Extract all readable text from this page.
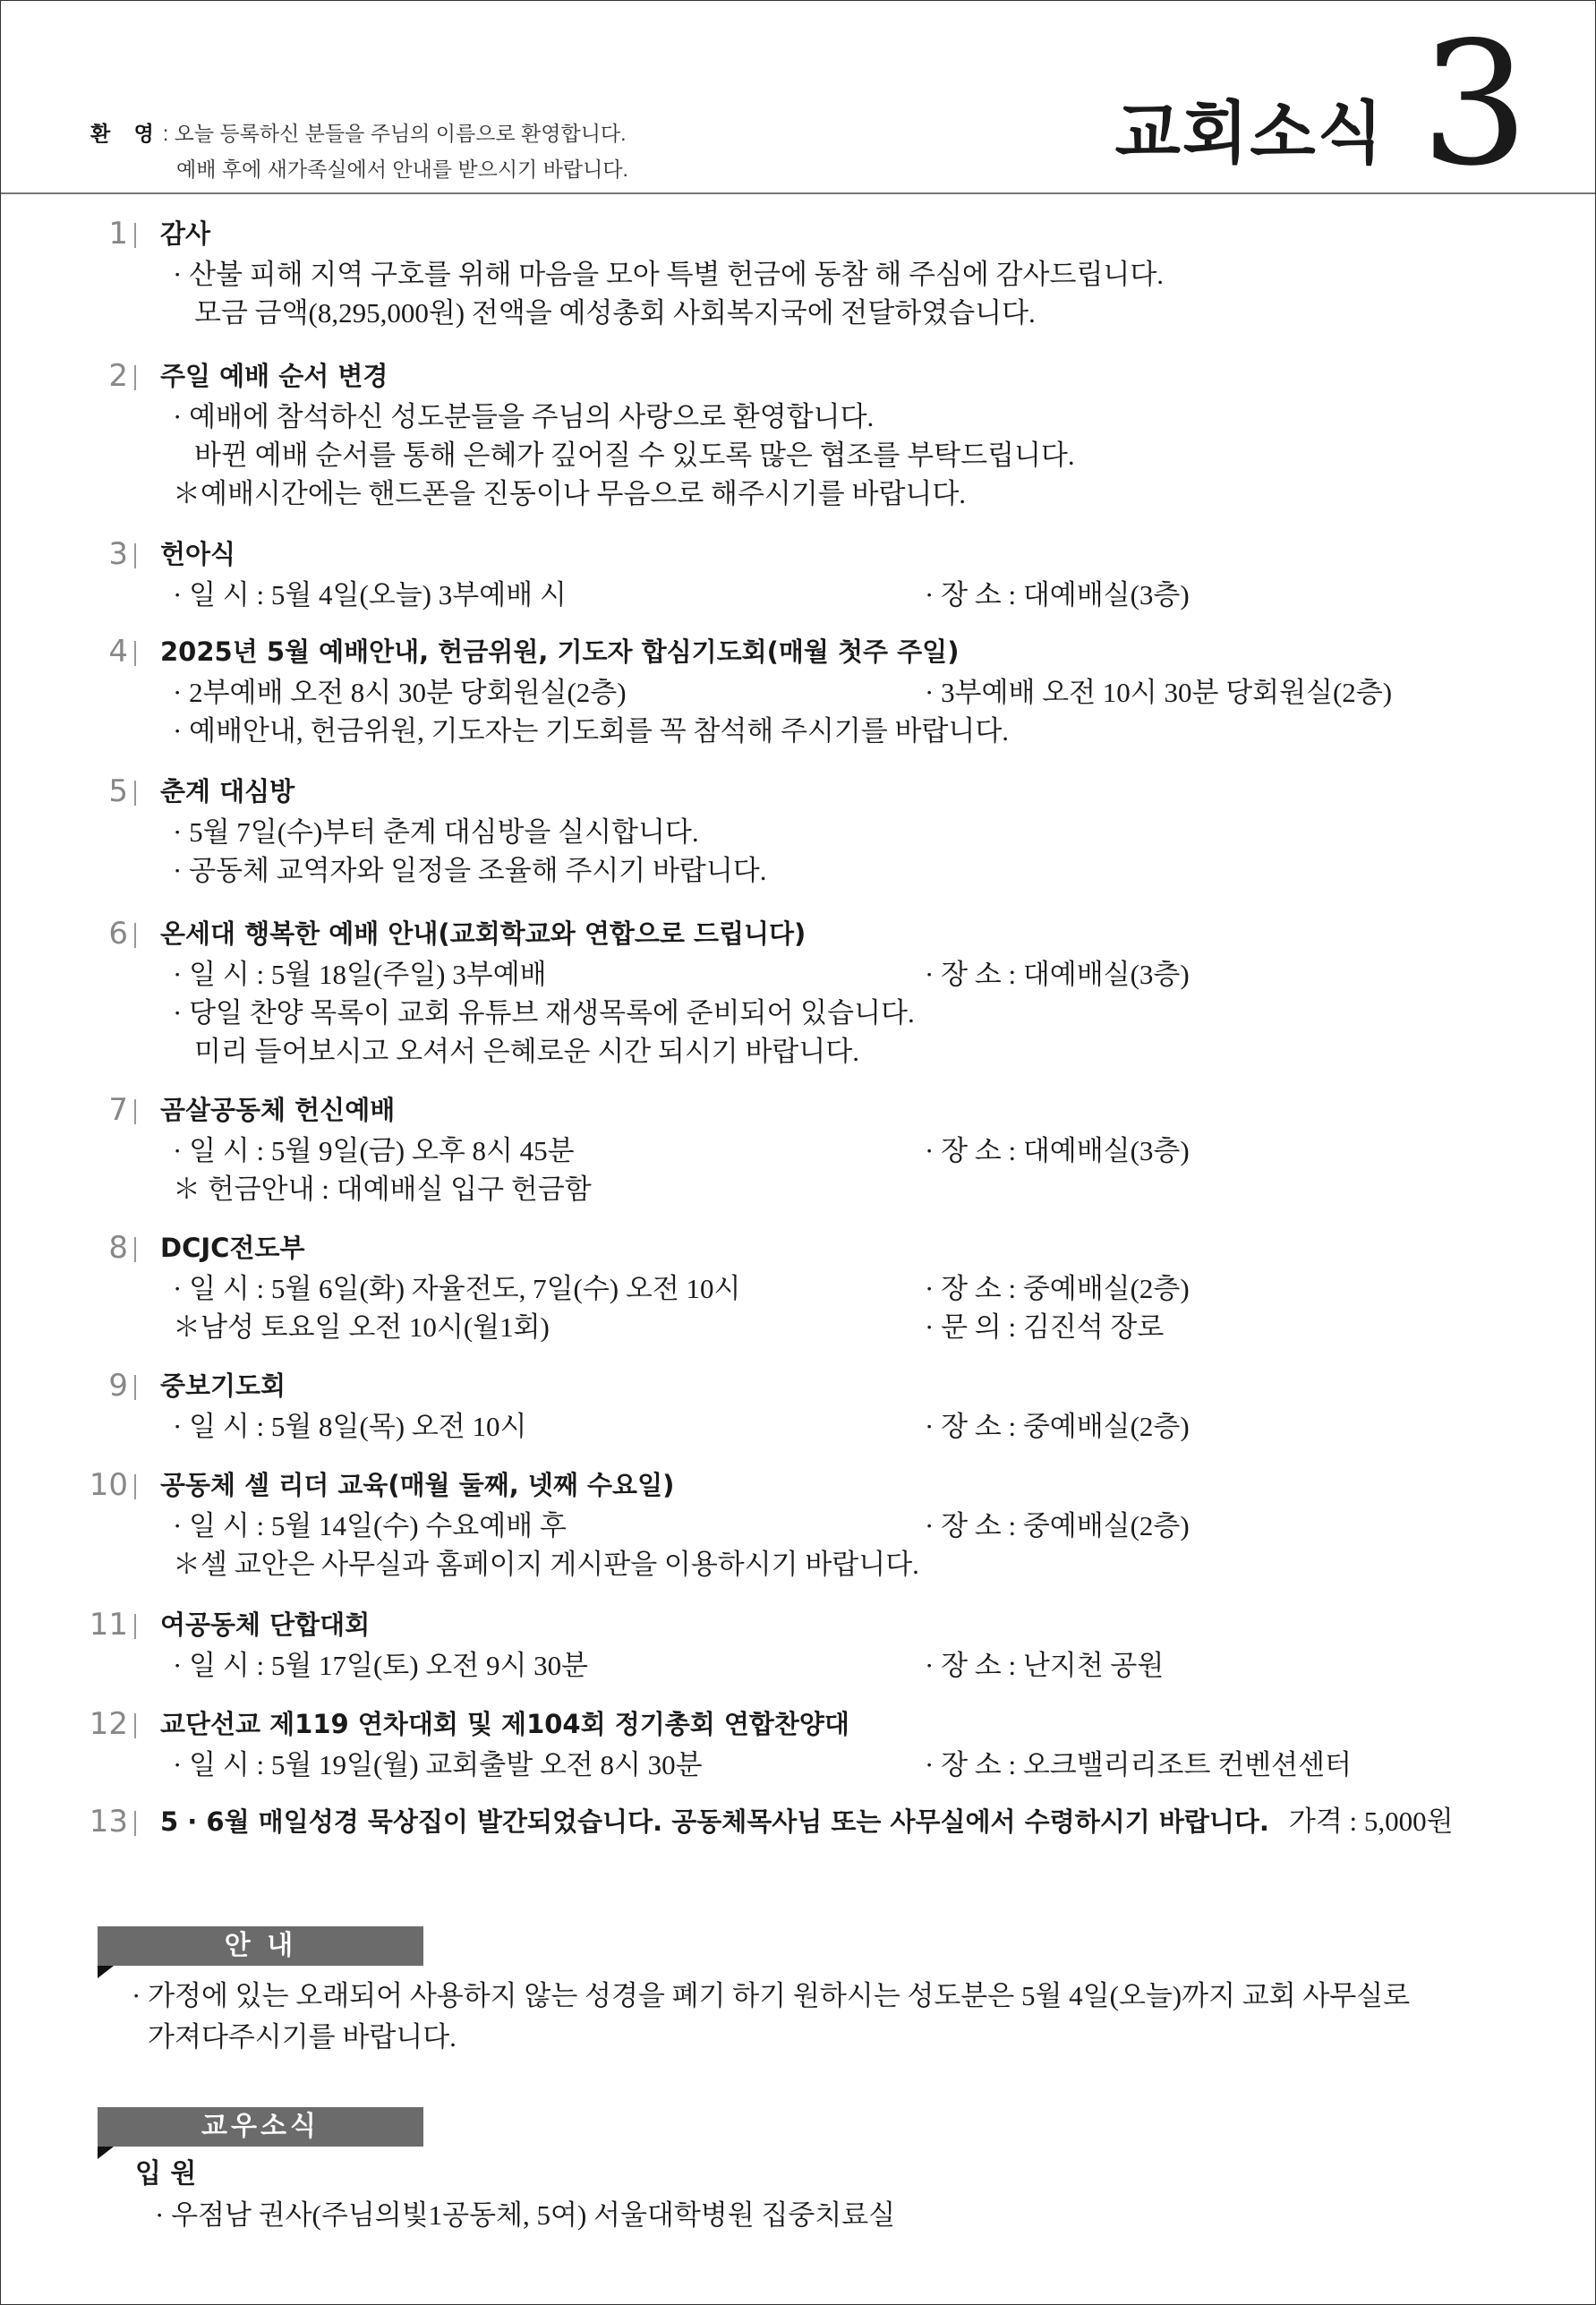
환 영: 오늘 등록하신 분들을 주님의 이름으로 환영합니다.
예배 후에 새가족실에서 안내를 받으시기 바랍니다.	교회소식 3
1 감사
· 산불 피해 지역 구호를 위해 마음을 모아 특별 헌금에 동참 해 주심에 감사드립니다.
모금 금액(8,295,000원) 전액을 예성총회 사회복지국에 전달하였습니다.
2 주일 예배 순서 변경
· 예배에 참석하신 성도분들을 주님의 사랑으로 환영합니다.
바뀐 예배 순서를 통해 은혜가 깊어질 수 있도록 많은 협조를 부탁드립니다.
＊예배시간에는 핸드폰을 진동이나 무음으로 해주시기를 바랍니다.
3 헌아식
· 일 시 : 5월 4일(오늘) 3부예배 시	· 장 소 : 대예배실(3층)
4 2025년 5월 예배안내, 헌금위원, 기도자 합심기도회(매월 첫주 주일)
· 2부예배 오전 8시 30분 당회원실(2층)	· 3부예배 오전 10시 30분 당회원실(2층)
· 예배안내, 헌금위원, 기도자는 기도회를 꼭 참석해 주시기를 바랍니다.
5 춘계 대심방
· 5월 7일(수)부터 춘계 대심방을 실시합니다.
· 공동체 교역자와 일정을 조율해 주시기 바랍니다.
6 온세대 행복한 예배 안내(교회학교와 연합으로 드립니다)
· 일 시 : 5월 18일(주일) 3부예배	· 장 소 : 대예배실(3층)
· 당일 찬양 목록이 교회 유튜브 재생목록에 준비되어 있습니다.
미리 들어보시고 오셔서 은혜로운 시간 되시기 바랍니다.
7 곰살공동체 헌신예배
· 일 시 : 5월 9일(금) 오후 8시 45분	· 장 소 : 대예배실(3층)
＊ 헌금안내 : 대예배실 입구 헌금함
8 DCJC전도부
· 일 시 : 5월 6일(화) 자율전도, 7일(수) 오전 10시	· 장 소 : 중예배실(2층)
＊남성 토요일 오전 10시(월1회)	· 문 의 : 김진석 장로
9 중보기도회
· 일 시 : 5월 8일(목) 오전 10시	· 장 소 : 중예배실(2층)
10 공동체 셀 리더 교육(매월 둘째, 넷째 수요일)
· 일 시 : 5월 14일(수) 수요예배 후	· 장 소 : 중예배실(2층)
＊셀 교안은 사무실과 홈페이지 게시판을 이용하시기 바랍니다.
11 여공동체 단합대회
· 일 시 : 5월 17일(토) 오전 9시 30분	· 장 소 : 난지천 공원
12 교단선교 제119 연차대회 및 제104회 정기총회 연합찬양대
· 일 시 : 5월 19일(월) 교회출발 오전 8시 30분	· 장 소 : 오크밸리리조트 컨벤션센터
13 5 · 6월 매일성경 묵상집이 발간되었습니다. 공동체목사님 또는 사무실에서 수령하시기 바랍니다. 가격 : 5,000원
안 내
· 가정에 있는 오래되어 사용하지 않는 성경을 폐기 하기 원하시는 성도분은 5월 4일(오늘)까지 교회 사무실로
가져다주시기를 바랍니다.
교우소식
입 원
· 우점남 권사(주님의빛1공동체, 5여) 서울대학병원 집중치료실
